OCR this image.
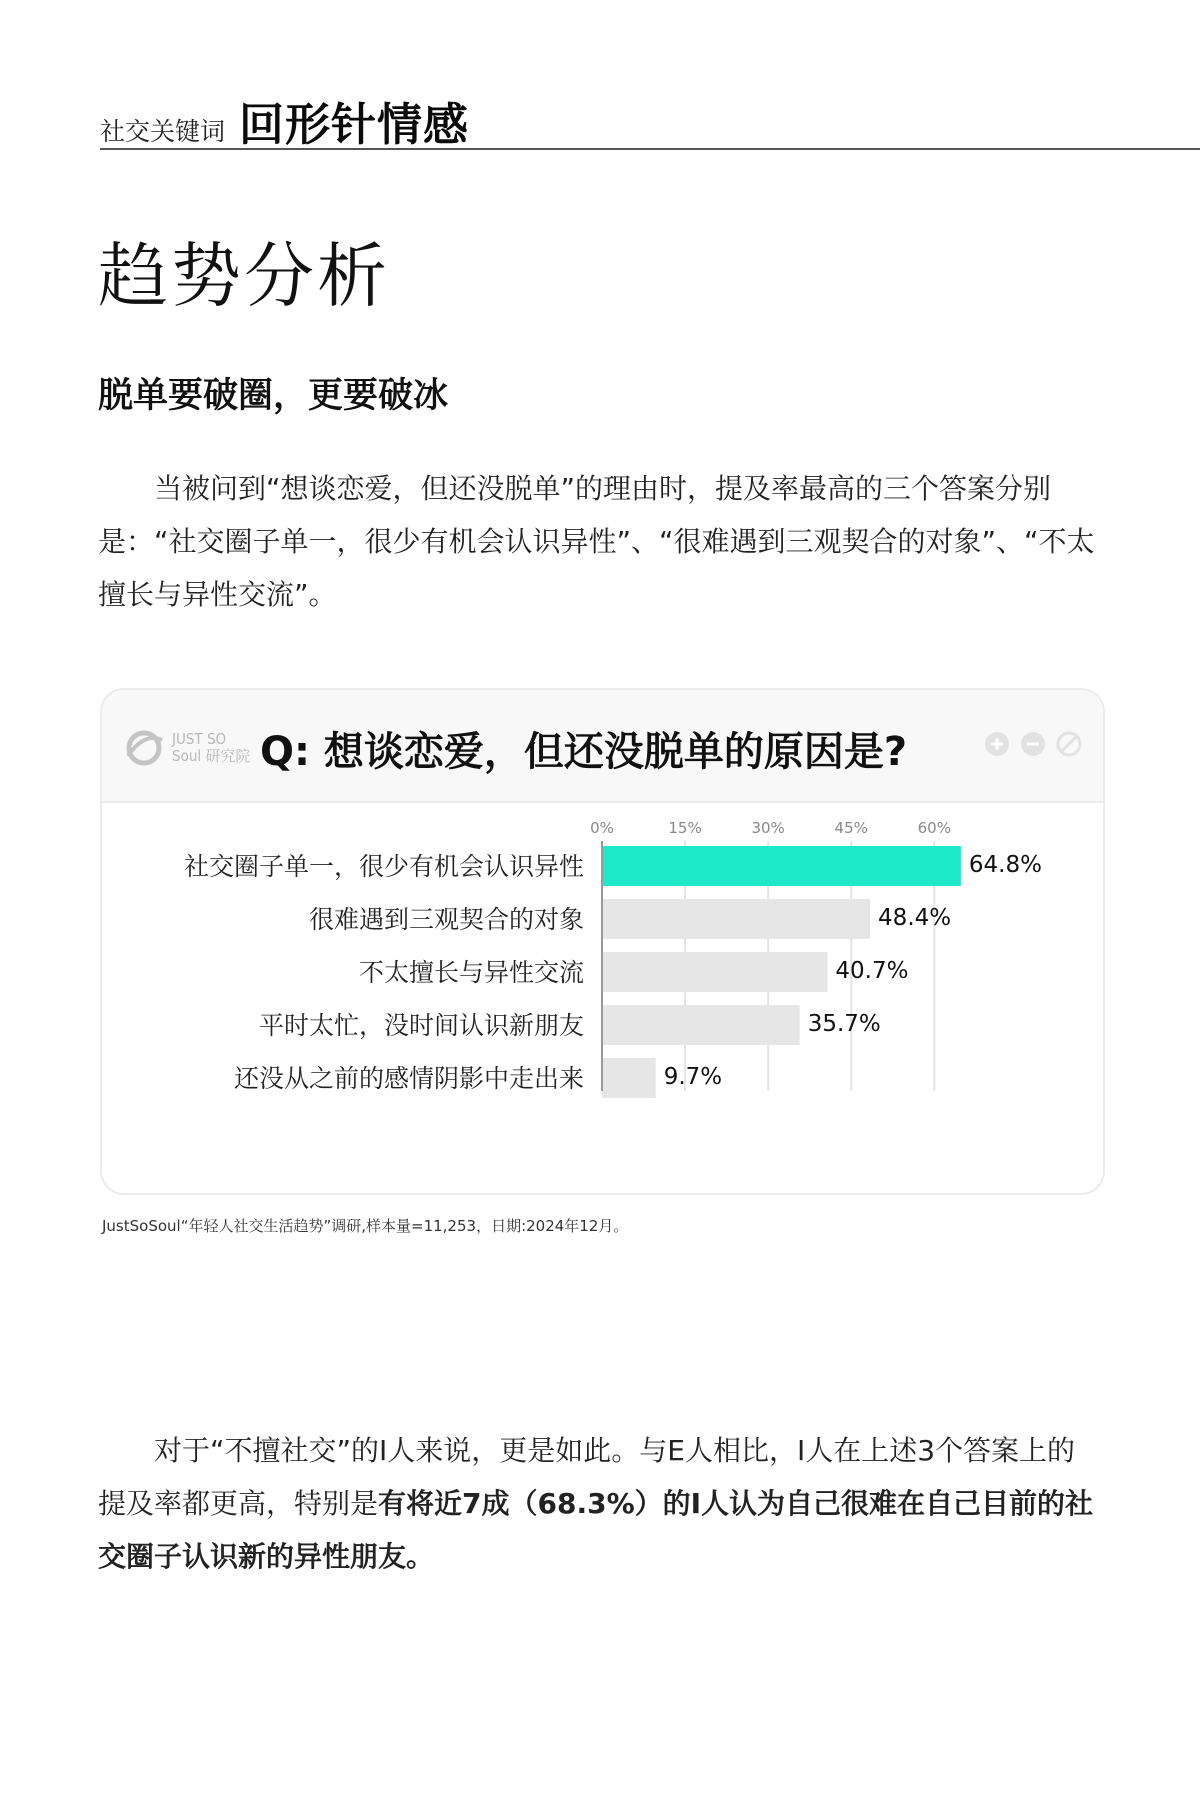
社交关键词 回形针情感
趋势分析
脱单要破圈，更要破冰

当被问到“想谈恋爱，但还没脱单”的理由时，提及率最高的三个答案分别是：“社交圈子单一，很少有机会认识异性”、“很难遇到三观契合的对象”、“不太擅长与异性交流”。

JUST SO
Soul 研究院 Q: 想谈恋爱，但还没脱单的原因是?
0%	15%	30%	45%	60%
社交圈子单一，很少有机会认识异性	64.8%
很难遇到三观契合的对象	48.4%
不太擅长与异性交流	40.7%
平时太忙，没时间认识新朋友	35.7%
还没从之前的感情阴影中走出来	9.7%
JustSoSoul“年轻人社交生活趋势”调研,样本量=11,253，日期:2024年12月。

对于“不擅社交”的I人来说，更是如此。与E人相比，I人在上述3个答案上的提及率都更高，特别是有将近7成（68.3%）的I人认为自己很难在自己目前的社交圈子认识新的异性朋友。
